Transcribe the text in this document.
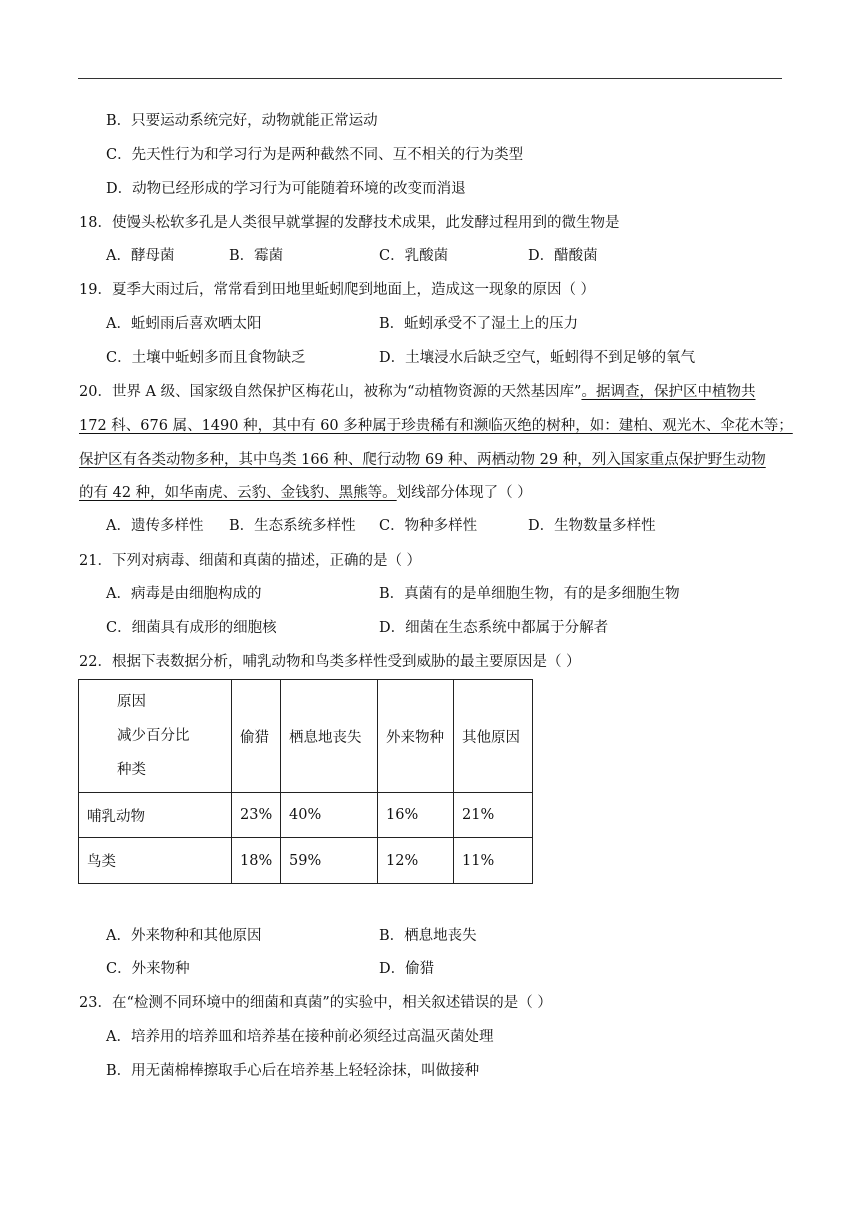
B．只要运动系统完好，动物就能正常运动
C．先天性行为和学习行为是两种截然不同、互不相关的行为类型
D．动物已经形成的学习行为可能随着环境的改变而消退
18．使馒头松软多孔是人类很早就掌握的发酵技术成果，此发酵过程用到的微生物是
A．酵母菌	B．霉菌	C．乳酸菌	D．醋酸菌
19．夏季大雨过后，常常看到田地里蚯蚓爬到地面上，造成这一现象的原因（ ）
A．蚯蚓雨后喜欢晒太阳	B．蚯蚓承受不了湿土上的压力
C．土壤中蚯蚓多而且食物缺乏	D．土壤浸水后缺乏空气，蚯蚓得不到足够的氧气
20．世界 A 级、国家级自然保护区梅花山，被称为“动植物资源的天然基因库”。据调查，保护区中植物共
172 科、676 属、1490 种，其中有 60 多种属于珍贵稀有和濒临灭绝的树种，如：建柏、观光木、伞花木等；
保护区有各类动物多种，其中鸟类 166 种、爬行动物 69 种、两栖动物 29 种，列入国家重点保护野生动物
的有 42 种，如华南虎、云豹、金钱豹、黑熊等。划线部分体现了（ ）
A．遗传多样性 B．生态系统多样性 C．物种多样性	D．生物数量多样性
21．下列对病毒、细菌和真菌的描述，正确的是（ ）
A．病毒是由细胞构成的	B．真菌有的是单细胞生物，有的是多细胞生物
C．细菌具有成形的细胞核	D．细菌在生态系统中都属于分解者
22．根据下表数据分析，哺乳动物和鸟类多样性受到威胁的最主要原因是（ ）
原因
减少百分比
种类	偷猎	栖息地丧失	外来物种	其他原因
哺乳动物	23%	40%	16%	21%
鸟类	18%	59%	12%	11%
A．外来物种和其他原因	B．栖息地丧失
C．外来物种	D．偷猎
23．在“检测不同环境中的细菌和真菌”的实验中，相关叙述错误的是（ ）
A．培养用的培养皿和培养基在接种前必须经过高温灭菌处理
B．用无菌棉棒擦取手心后在培养基上轻轻涂抹，叫做接种
